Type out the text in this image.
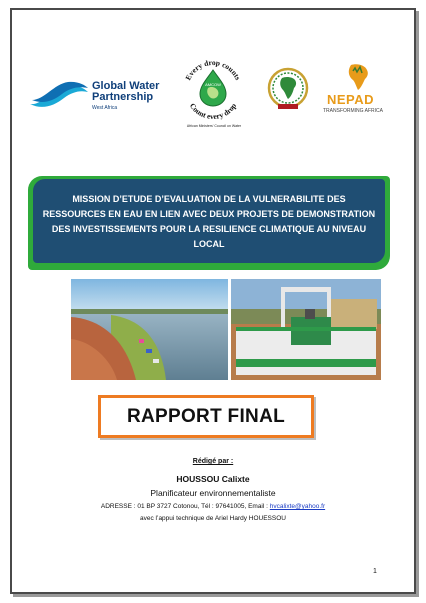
Global Water
Partnership
West Africa
Every drop counts
Count every drop
AMCOW
African Ministers' Council on Water
NEPAD
TRANSFORMING AFRICA
MISSION D’ETUDE D’EVALUATION DE LA VULNERABILITE DES RESSOURCES EN EAU EN LIEN AVEC DEUX PROJETS DE DEMONSTRATION DES INVESTISSEMENTS POUR LA RESILIENCE CLIMATIQUE AU NIVEAU LOCAL
RAPPORT FINAL
Rédigé par :
HOUSSOU Calixte
Planificateur environnementaliste
ADRESSE : 01 BP 3727 Cotonou, Tél : 97641005, Email : hvcalixte@yahoo.fr
avec l’appui technique de Ariel Hardy HOUESSOU
1
